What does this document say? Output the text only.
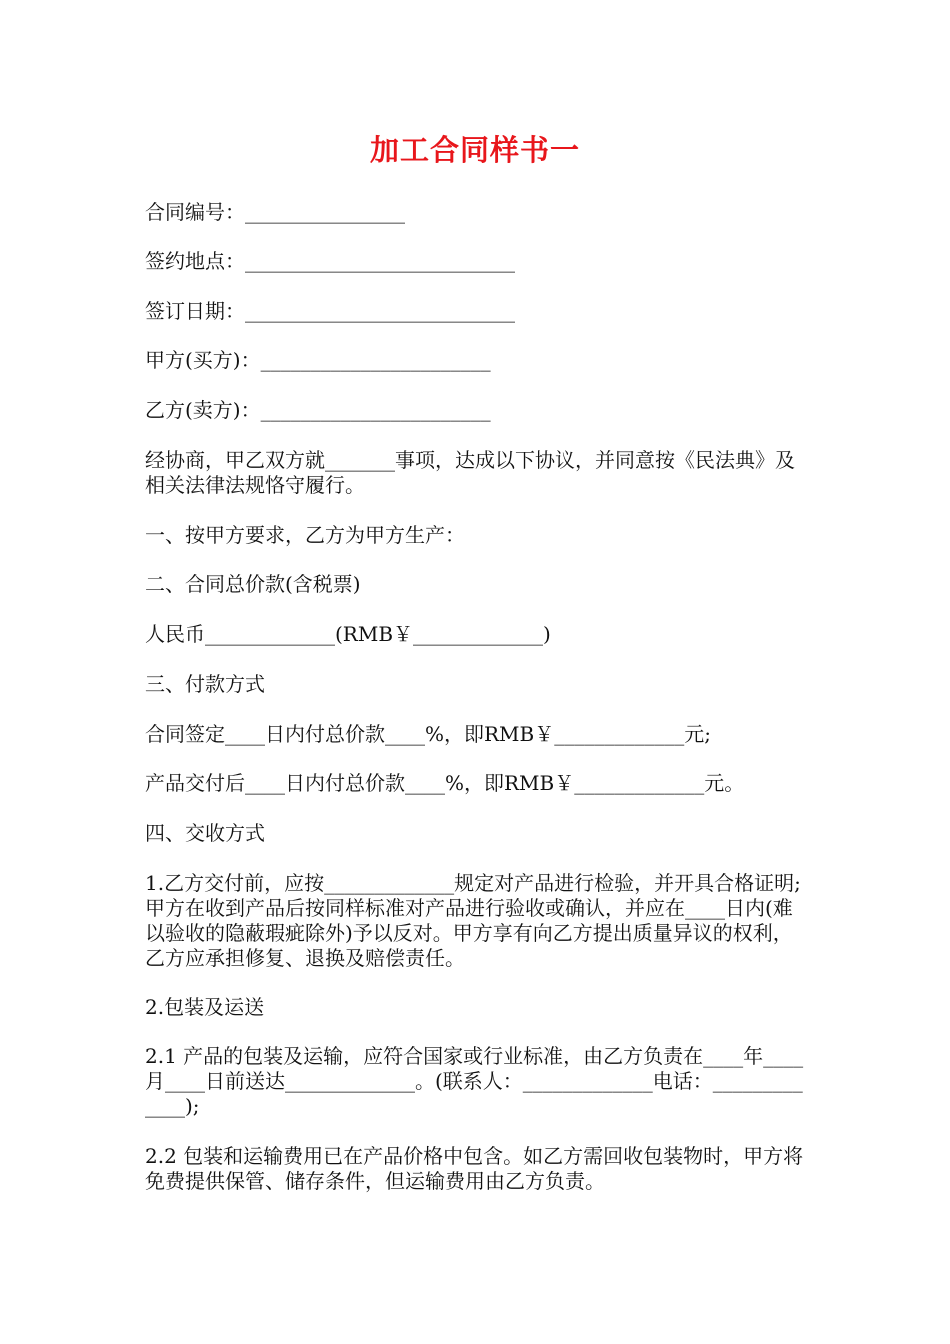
加工合同样书一

合同编号：________________

签约地点：___________________________

签订日期：___________________________

甲方(买方)：_______________________

乙方(卖方)：_______________________

经协商，甲乙双方就_______事项，达成以下协议，并同意按《民法典》及相关法律法规恪守履行。

一、按甲方要求，乙方为甲方生产：

二、合同总价款(含税票)

人民币_____________(RMB￥_____________)

三、付款方式

合同签定____日内付总价款____%，即RMB￥_____________元;

产品交付后____日内付总价款____%，即RMB￥_____________元。

四、交收方式

1.乙方交付前，应按_____________规定对产品进行检验，并开具合格证明;甲方在收到产品后按同样标准对产品进行验收或确认，并应在____日内(难以验收的隐蔽瑕疵除外)予以反对。甲方享有向乙方提出质量异议的权利，乙方应承担修复、退换及赔偿责任。

2.包装及运送

2.1 产品的包装及运输，应符合国家或行业标准，由乙方负责在____年____月____日前送达_____________。(联系人：_____________电话：_____________);

2.2 包装和运输费用已在产品价格中包含。如乙方需回收包装物时，甲方将免费提供保管、储存条件，但运输费用由乙方负责。
